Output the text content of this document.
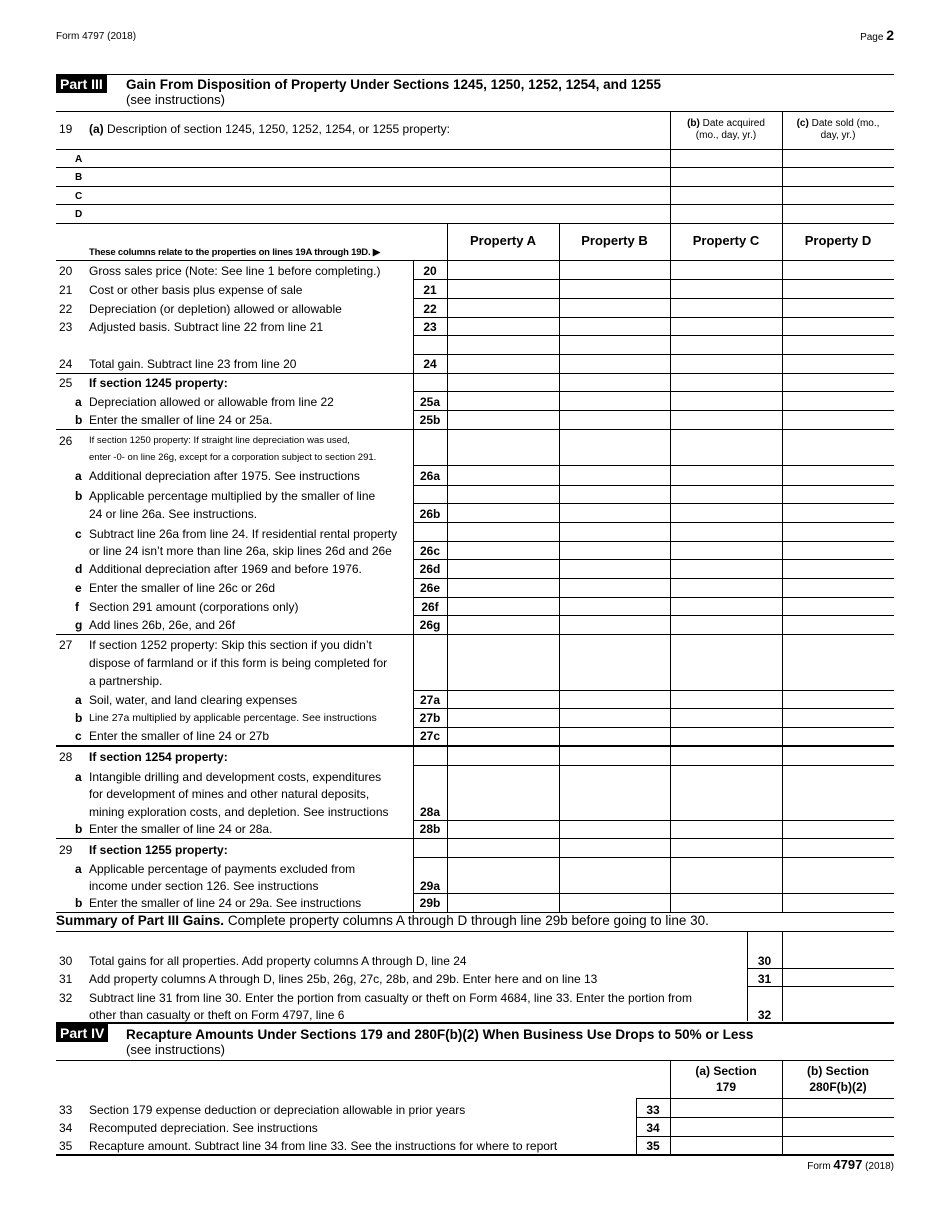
Form 4797 (2018)	Page 2
Part III Gain From Disposition of Property Under Sections 1245, 1250, 1252, 1254, and 1255
(see instructions)
19 (a) Description of section 1245, 1250, 1252, 1254, or 1255 property:	(b) Date acquired
(mo., day, yr.)
(c) Date sold (mo.,
day, yr.)
A
B
C
D
These columns relate to the properties on lines 19A through 19D. ▶
Property A	Property B	Property C	Property D
20 Gross sales price (Note: See line 1 before completing.)	20
21 Cost or other basis plus expense of sale	21
22 Depreciation (or depletion) allowed or allowable	22
23 Adjusted basis. Subtract line 22 from line 21	23
24 Total gain. Subtract line 23 from line 20	24
25 If section 1245 property:
a Depreciation allowed or allowable from line 22	25a
b Enter the smaller of line 24 or 25a.	25b
26 If section 1250 property: If straight line depreciation was used,
enter -0- on line 26g, except for a corporation subject to section 291.
a Additional depreciation after 1975. See instructions	26a
b Applicable percentage multiplied by the smaller of line
24 or line 26a. See instructions.	26b
c Subtract line 26a from line 24. If residential rental property
or line 24 isn’t more than line 26a, skip lines 26d and 26e	26c
d Additional depreciation after 1969 and before 1976.	26d
e Enter the smaller of line 26c or 26d	26e
f Section 291 amount (corporations only)	26f
g Add lines 26b, 26e, and 26f	26g
27 If section 1252 property: Skip this section if you didn’t
dispose of farmland or if this form is being completed for
a partnership.
a Soil, water, and land clearing expenses	27a
b Line 27a multiplied by applicable percentage. See instructions	27b
c Enter the smaller of line 24 or 27b	27c
28 If section 1254 property:
a Intangible drilling and development costs, expenditures
for development of mines and other natural deposits,
mining exploration costs, and depletion. See instructions	28a
b Enter the smaller of line 24 or 28a.	28b
29 If section 1255 property:
a Applicable percentage of payments excluded from
income under section 126. See instructions	29a
b Enter the smaller of line 24 or 29a. See instructions	29b
Summary of Part III Gains. Complete property columns A through D through line 29b before going to line 30.
30 Total gains for all properties. Add property columns A through D, line 24	30
31 Add property columns A through D, lines 25b, 26g, 27c, 28b, and 29b. Enter here and on line 13	31
32 Subtract line 31 from line 30. Enter the portion from casualty or theft on Form 4684, line 33. Enter the portion from
other than casualty or theft on Form 4797, line 6	32
Part IV Recapture Amounts Under Sections 179 and 280F(b)(2) When Business Use Drops to 50% or Less
(see instructions)
(a) Section
179
(b) Section
280F(b)(2)
33 Section 179 expense deduction or depreciation allowable in prior years	33
34 Recomputed depreciation. See instructions	34
35 Recapture amount. Subtract line 34 from line 33. See the instructions for where to report	35
Form 4797 (2018)
